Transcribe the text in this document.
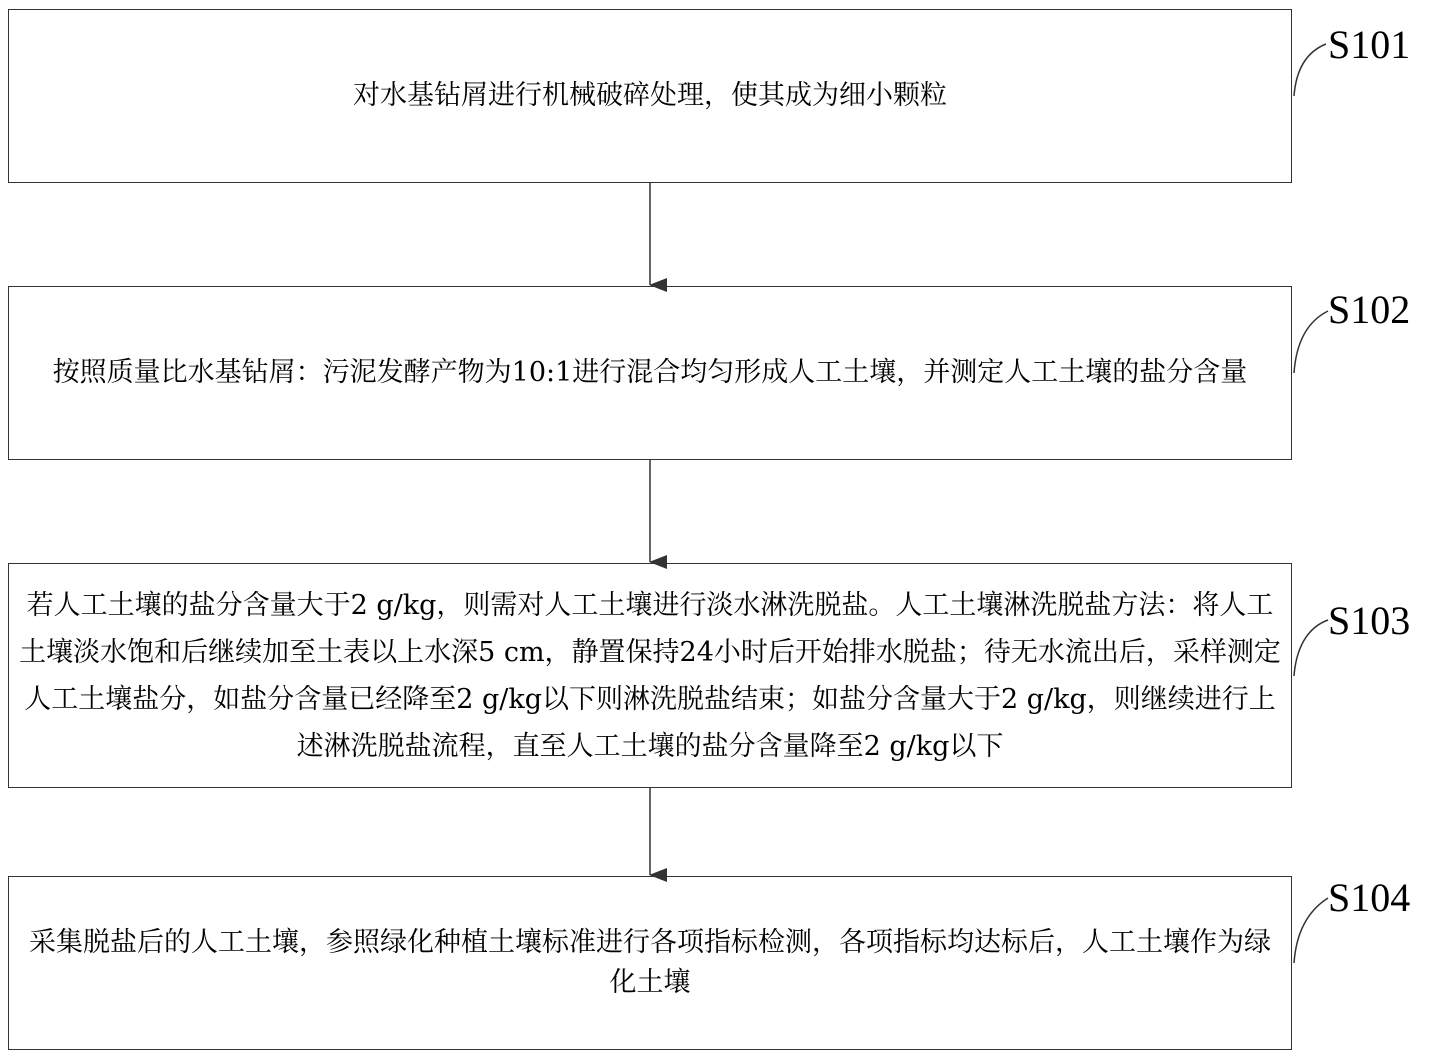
对水基钻屑进行机械破碎处理，使其成为细小颗粒

按照质量比水基钻屑：污泥发酵产物为10:1进行混合均匀形成人工土壤，并测定人工土壤的盐分含量

若人工土壤的盐分含量大于2 g/kg，则需对人工土壤进行淡水淋洗脱盐。人工土壤淋洗脱盐方法：将人工土壤淡水饱和后继续加至土表以上水深5 cm，静置保持24小时后开始排水脱盐；待无水流出后，采样测定人工土壤盐分，如盐分含量已经降至2 g/kg以下则淋洗脱盐结束；如盐分含量大于2 g/kg，则继续进行上述淋洗脱盐流程，直至人工土壤的盐分含量降至2 g/kg以下

采集脱盐后的人工土壤，参照绿化种植土壤标准进行各项指标检测，各项指标均达标后，人工土壤作为绿化土壤

S101
S102
S103
S104
